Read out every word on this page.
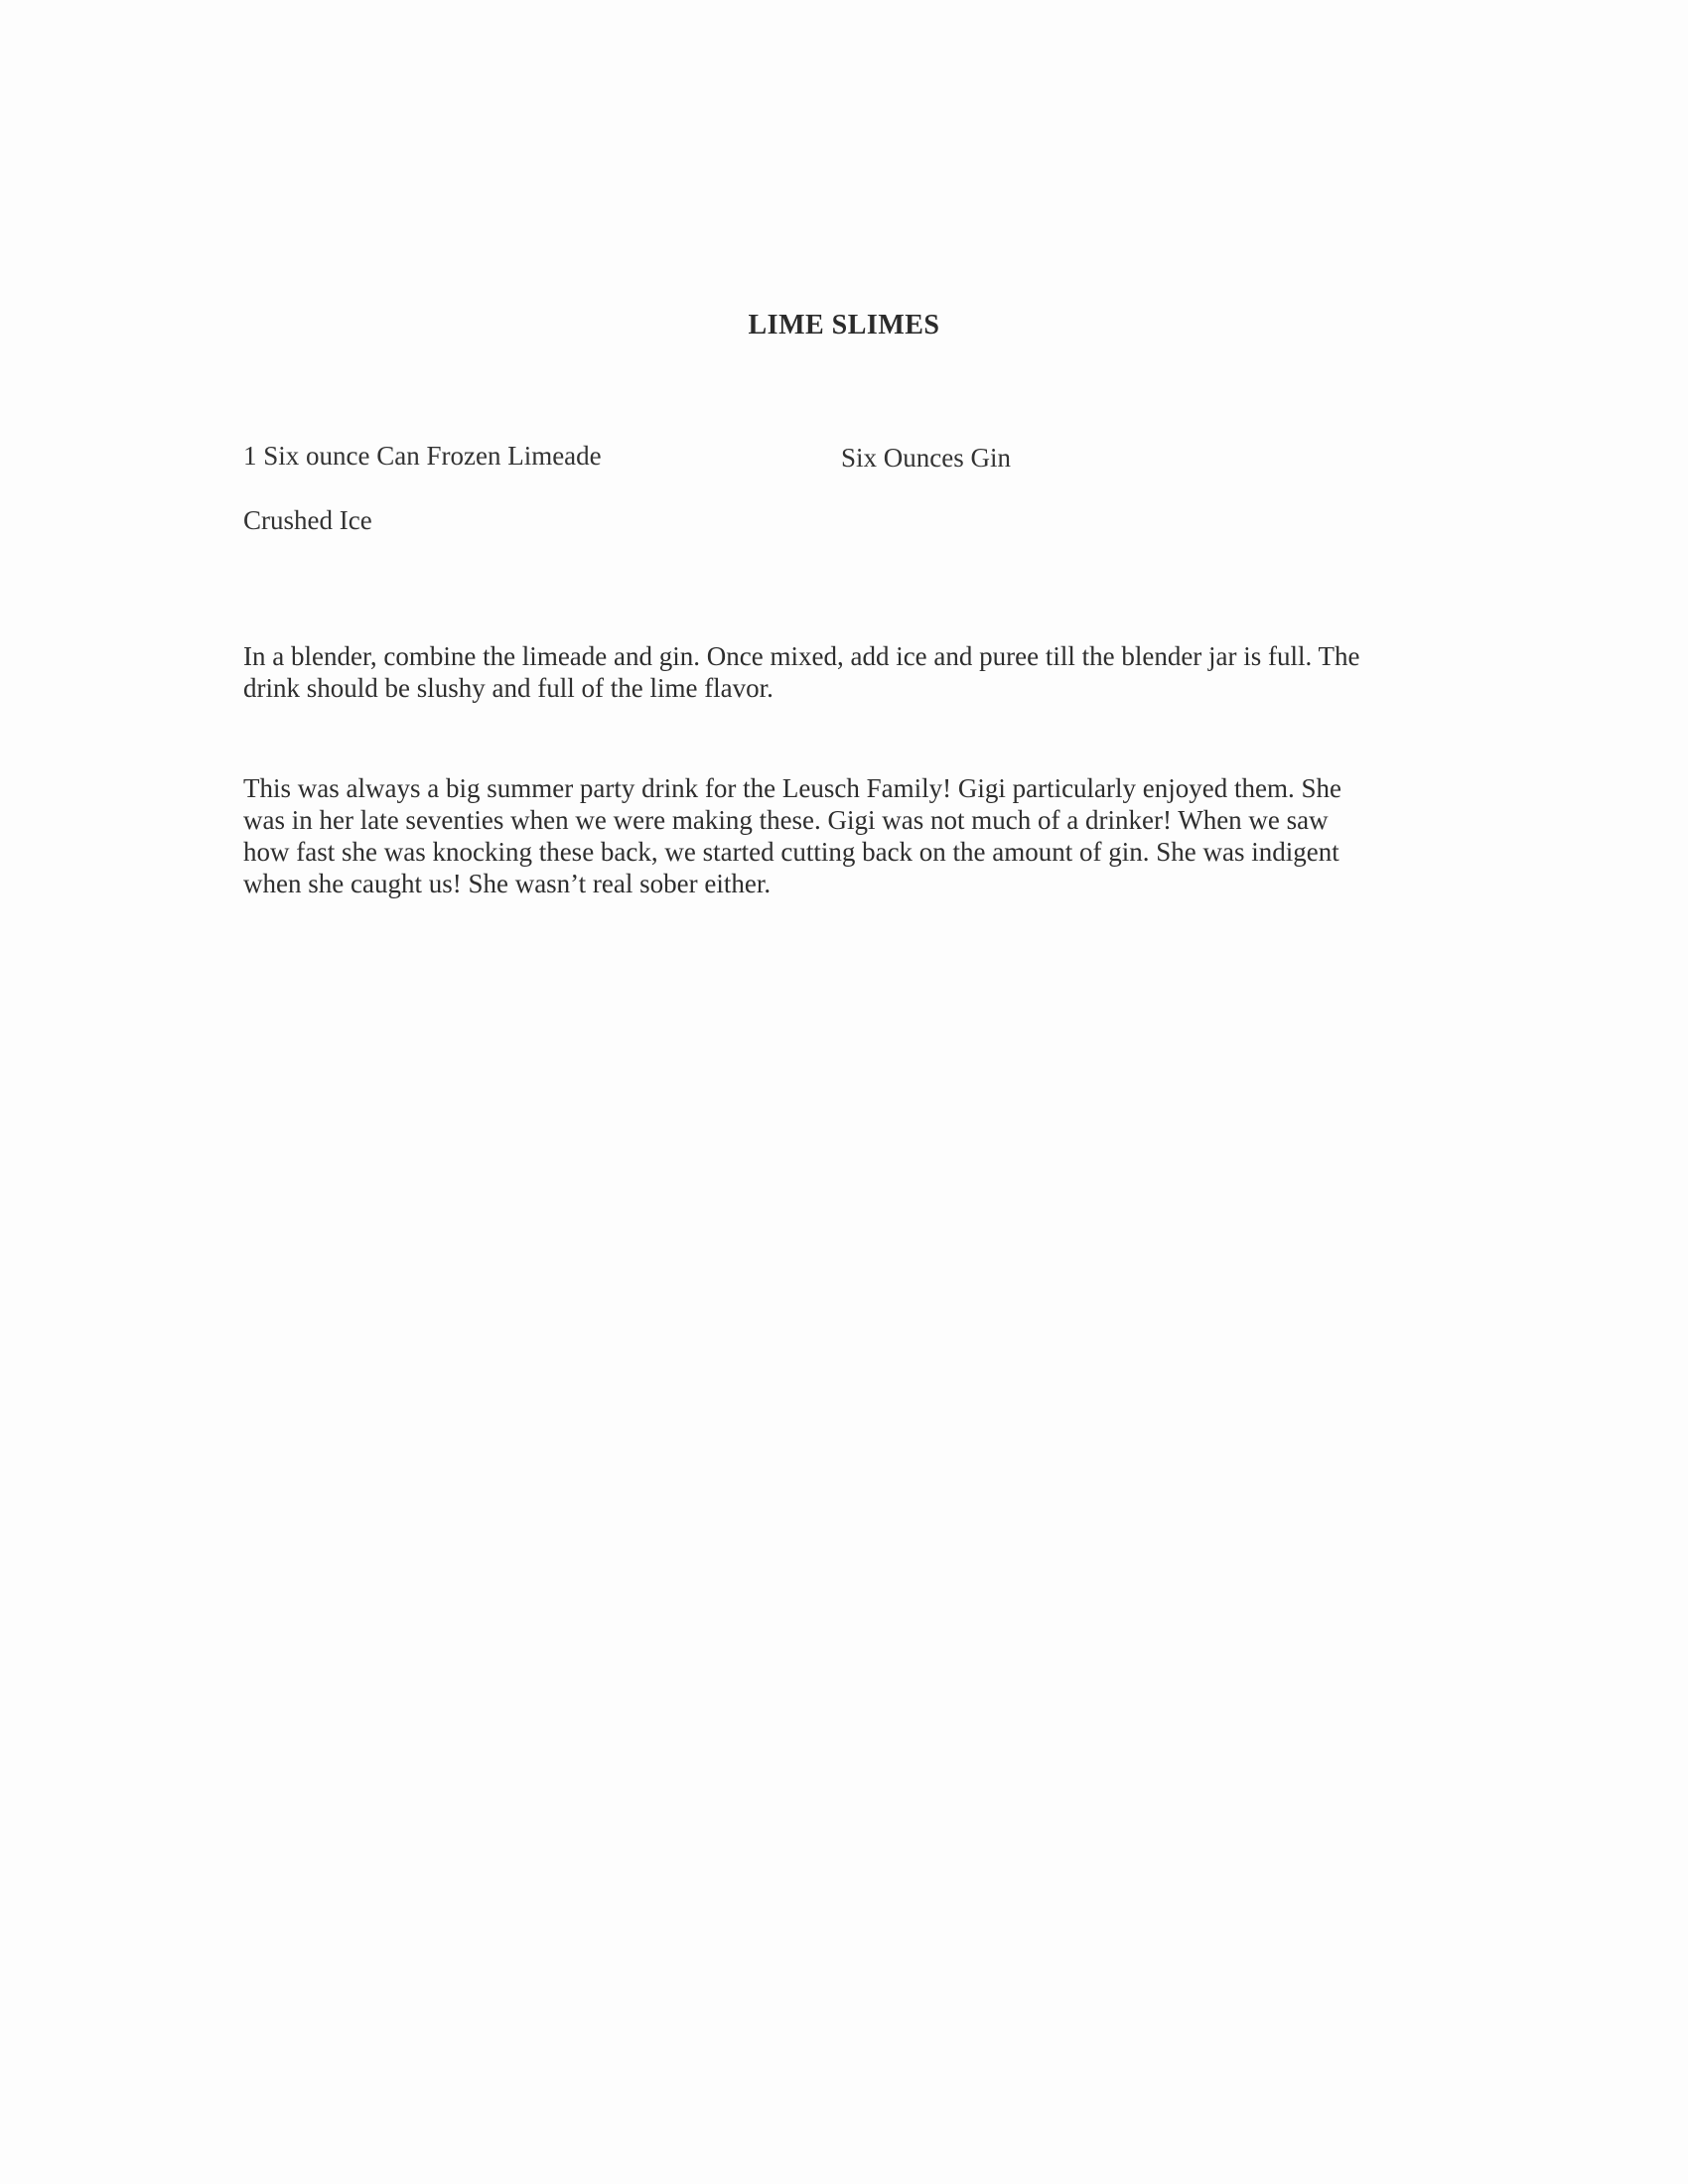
LIME SLIMES
1 Six ounce Can Frozen Limeade	Six Ounces Gin
Crushed Ice
In a blender, combine the limeade and gin. Once mixed, add ice and puree till the blender jar is full. The
drink should be slushy and full of the lime flavor.
This was always a big summer party drink for the Leusch Family! Gigi particularly enjoyed them. She
was in her late seventies when we were making these. Gigi was not much of a drinker! When we saw
how fast she was knocking these back, we started cutting back on the amount of gin. She was indigent
when she caught us! She wasn’t real sober either.
